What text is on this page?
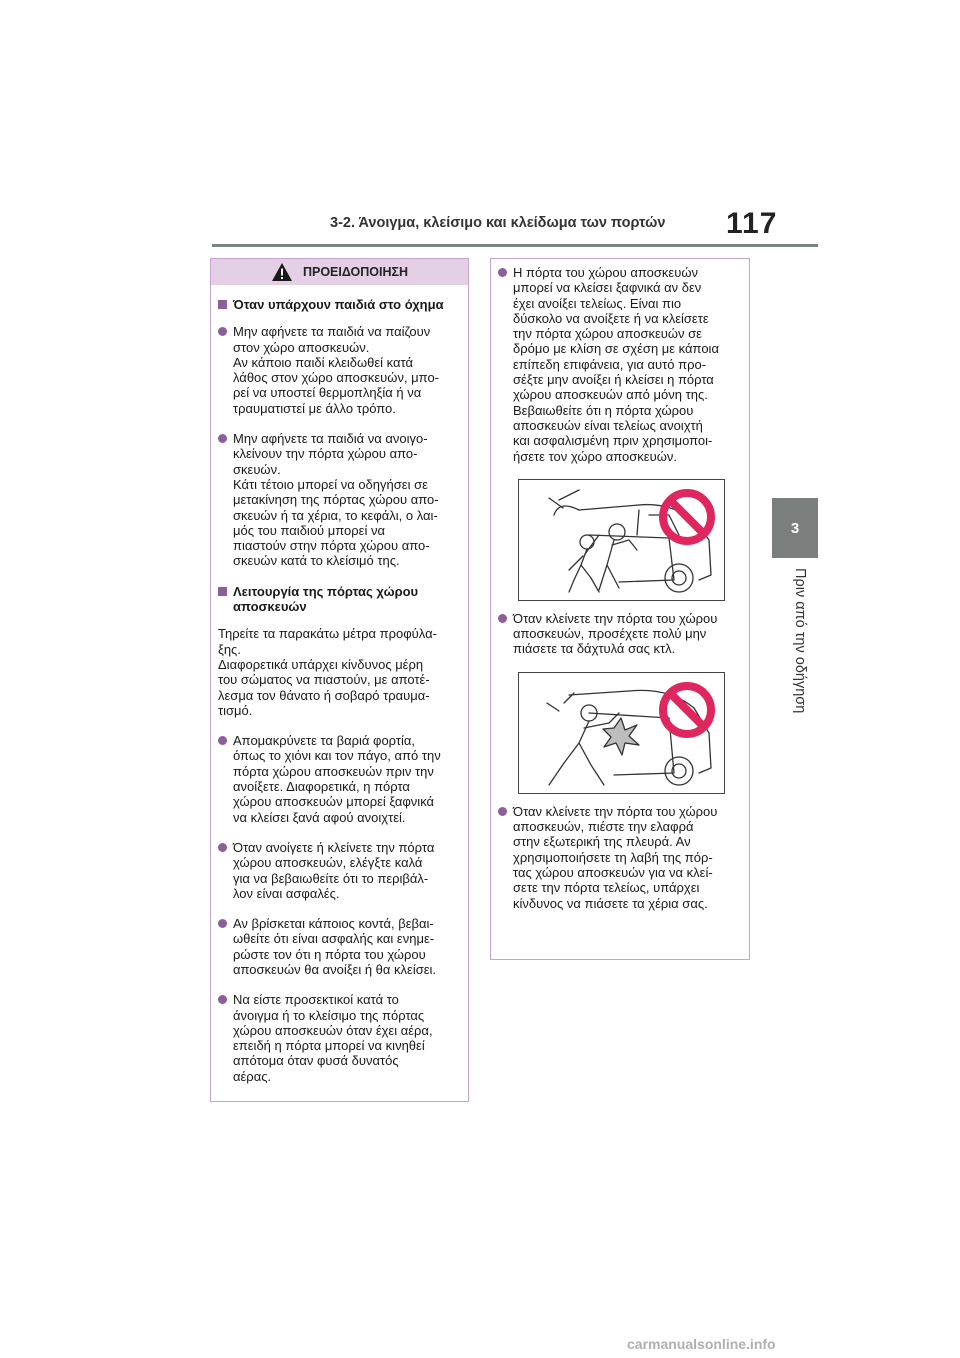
3-2. Άνοιγμα, κλείσιμο και κλείδωμα των πορτών	117
3
Πριν από την οδήγηση
ΠΡΟΕΙΔΟΠΟΙΗΣΗ
Όταν υπάρχουν παιδιά στο όχημα
Μην αφήνετε τα παιδιά να παίζουν
στον χώρο αποσκευών.
Αν κάποιο παιδί κλειδωθεί κατά
λάθος στον χώρο αποσκευών, μπο-
ρεί να υποστεί θερμοπληξία ή να
τραυματιστεί με άλλο τρόπο.
Μην αφήνετε τα παιδιά να ανοιγο-
κλείνουν την πόρτα χώρου απο-
σκευών.
Κάτι τέτοιο μπορεί να οδηγήσει σε
μετακίνηση της πόρτας χώρου απο-
σκευών ή τα χέρια, το κεφάλι, ο λαι-
μός του παιδιού μπορεί να
πιαστούν στην πόρτα χώρου απο-
σκευών κατά το κλείσιμό της.
Λειτουργία της πόρτας χώρου
αποσκευών
Τηρείτε τα παρακάτω μέτρα προφύλα-
ξης.
Διαφορετικά υπάρχει κίνδυνος μέρη
του σώματος να πιαστούν, με αποτέ-
λεσμα τον θάνατο ή σοβαρό τραυμα-
τισμό.
Απομακρύνετε τα βαριά φορτία,
όπως το χιόνι και τον πάγο, από την
πόρτα χώρου αποσκευών πριν την
ανοίξετε. Διαφορετικά, η πόρτα
χώρου αποσκευών μπορεί ξαφνικά
να κλείσει ξανά αφού ανοιχτεί.
Όταν ανοίγετε ή κλείνετε την πόρτα
χώρου αποσκευών, ελέγξτε καλά
για να βεβαιωθείτε ότι το περιβάλ-
λον είναι ασφαλές.
Αν βρίσκεται κάποιος κοντά, βεβαι-
ωθείτε ότι είναι ασφαλής και ενημε-
ρώστε τον ότι η πόρτα του χώρου
αποσκευών θα ανοίξει ή θα κλείσει.
Να είστε προσεκτικοί κατά το
άνοιγμα ή το κλείσιμο της πόρτας
χώρου αποσκευών όταν έχει αέρα,
επειδή η πόρτα μπορεί να κινηθεί
απότομα όταν φυσά δυνατός
αέρας.
Η πόρτα του χώρου αποσκευών
μπορεί να κλείσει ξαφνικά αν δεν
έχει ανοίξει τελείως. Είναι πιο
δύσκολο να ανοίξετε ή να κλείσετε
την πόρτα χώρου αποσκευών σε
δρόμο με κλίση σε σχέση με κάποια
επίπεδη επιφάνεια, για αυτό προ-
σέξτε μην ανοίξει ή κλείσει η πόρτα
χώρου αποσκευών από μόνη της.
Βεβαιωθείτε ότι η πόρτα χώρου
αποσκευών είναι τελείως ανοιχτή
και ασφαλισμένη πριν χρησιμοποι-
ήσετε τον χώρο αποσκευών.
Όταν κλείνετε την πόρτα του χώρου
αποσκευών, προσέχετε πολύ μην
πιάσετε τα δάχτυλά σας κτλ.
Όταν κλείνετε την πόρτα του χώρου
αποσκευών, πιέστε την ελαφρά
στην εξωτερική της πλευρά. Αν
χρησιμοποιήσετε τη λαβή της πόρ-
τας χώρου αποσκευών για να κλεί-
σετε την πόρτα τελείως, υπάρχει
κίνδυνος να πιάσετε τα χέρια σας.
carmanualsonline.info
